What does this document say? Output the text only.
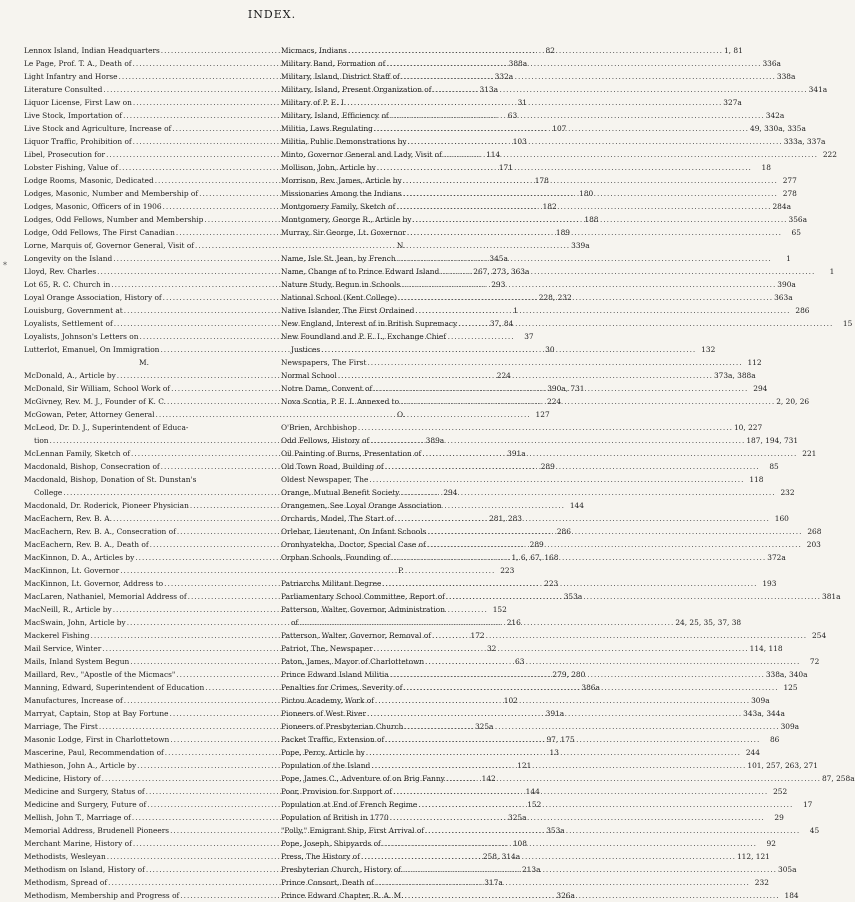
INDEX.
*
Lennox Island, Indian Headquarters .....	82
Le Page, Prof. T. A., Death of .....	388a
Light Infantry and Horse .....	332a
Literature Consulted .....	313a
Liquor License, First Law on .....	31
Live Stock, Importation of .....	63
Live Stock and Agriculture, Increase of .....	107
Liquor Traffic, Prohibition of .....	103
Libel, Prosecution for .....	114
Lobster Fishing, Value of .....	171
Lodge Rooms, Masonic, Dedicated .....	178
Lodges, Masonic, Number and Membership of .....	180
Lodges, Masonic, Officers of in 1906 .....	182
Lodges, Odd Fellows, Number and Membership .....	188
Lodge, Odd Fellows, The First Canadian .....	189
Lorne, Marquis of, Governor General, Visit of .....	339a
Longevity on the Island .....	345a
Lloyd, Rev. Charles .....	267, 273, 363a
Lot 65, R. C. Church in .....	293
Loyal Orange Association, History of .....	228, 232
Louisburg, Government at .....	1
Loyalists, Settlement of .....	37, 84
Loyalists, Johnson's Letters on .....	37
Lutterlot, Emanuel, On Immigration .....	30
M.
McDonald, A., Article by .....	224
McDonald, Sir William, School Work of .....	390a, 731
McGivney, Rev. M. J., Founder of K. C. .....	224
McGowan, Peter, Attorney General .....	127
McLeod, Dr. D. J., Superintendent of Educa-
tion .....	389a
McLennan Family, Sketch of .....	391a
Macdonald, Bishop, Consecration of .....	289
Macdonald, Bishop, Donation of St. Dunstan's
College .....	294
Macdonald, Dr. Roderick, Pioneer Physician .....	144
MacEachern, Rev. B. A. .....	281, 283
MacEachern, Rev. B. A., Consecration of .....	286
MacEachern, Rev. B. A., Death of .....	289
MacKinnon, D. A., Articles by .....	1, 6, 67, 168
MacKinnon, Lt. Governor .....	223
MacKinnon, Lt. Governor, Address to .....	223
MacLaren, Nathaniel, Memorial Address of .....	353a
MacNeill, R., Article by .....	152
MacSwain, John, Article by .....	216
Mackerel Fishing .....	172
Mail Service, Winter .....	32
Mails, Inland System Begun .....	63
Maillard, Rev., "Apostle of the Micmacs" .....	279, 280
Manning, Edward, Superintendent of Education .....	386a
Manufactures, Increase of .....	102
Marryat, Captain, Stop at Bay Fortune .....	391a
Marriage, The First .....	325a
Masonic Lodge, First in Charlottetown .....	97, 175
Mascerine, Paul, Recommendation of .....	13
Mathieson, John A., Article by .....	121
Medicine, History of .....	142
Medicine and Surgery, Status of .....	144
Medicine and Surgery, Future of .....	152
Mellish, John T., Marriage of .....	325a
Memorial Address, Brudenell Pioneers .....	353a
Merchant Marine, History of .....	108
Methodists, Wesleyan .....	258, 314a
Methodism on Island, History of .....	213a
Methodism, Spread of .....	317a
Methodism, Membership and Progress of .....	326a
Micmacs, Indians .....	1, 81
Military Band, Formation of .....	336a
Military, Island, District Staff of .....	338a
Military, Island, Present Organization of .....	341a
Military of P. E. I. .....	327a
Military, Island, Efficiency of .....	342a
Militia, Laws Regulating .....	49, 330a, 335a
Militia, Public Demonstrations by .....	333a, 337a
Minto, Governor General and Lady, Visit of .....	222
Mollison, John, Article by .....	18
Morrison, Rev. James, Article by .....	277
Missionaries Among the Indians .....	278
Montgomery Family, Sketch of .....	284a
Montgomery, George R., Article by .....	356a
Murray, Sir George, Lt. Governor .....	65
N.
Name, Isle St. Jean, by French .....	1
Name, Change of to Prince Edward Island .....	1
Nature Study, Begun in Schools .....	390a
National School (Kent College) .....	363a
Native Islander, The First Ordained .....	286
New England, Interest of in British Supremacy .....	15
New Foundland and P. E. I., Exchange Chief
Justices .....	132
Newspapers, The First .....	112
Normal School .....	373a, 388a
Notre Dame, Convent of .....	294
Nova Scotia, P. E. I. Annexed to .....	2, 20, 26
O.
O'Brien, Archbishop .....	10, 227
Odd Fellows, History of .....	187, 194, 731
Oil Painting of Burns, Presentation of .....	221
Old Town Road, Building of .....	85
Oldest Newspaper, The .....	118
Orange, Mutual Benefit Society .....	232
Orangemen, See Loyal Orange Association
Orchards, Model, The Start of .....	160
Orlebar, Lieutenant, On Infant Schools .....	268
Oronhyatekha, Doctor, Special Case of .....	203
Orphan Schools, Founding of .....	372a
P.
Patriarchs Militant Degree .....	193
Parliamentary School Committee, Report of .....	381a
Patterson, Walter, Governor, Administration
of .....	24, 25, 35, 37, 38
Patterson, Walter, Governor, Removal of .....	254
Patriot, The, Newspaper .....	114, 118
Paton, James, Mayor of Charlottetown .....	72
Prince Edward Island Militia .....	338a, 340a
Penalties for Crimes, Severity of .....	125
Pictou Academy, Work of .....	309a
Pioneers of West River .....	343a, 344a
Pioneers of Presbyterian Church .....	309a
Packet Traffic, Extension of .....	86
Pope, Percy, Article by .....	244
Population of the Island .....	101, 257, 263, 271
Pope, James C., Adventure of on Brig Fanny .....	87, 258a
Poor, Provision for Support of .....	252
Population at End of French Regime .....	17
Population of British in 1770 .....	29
"Polly," Emigrant Ship, First Arrival of .....	45
Pope, Joseph, Shipyards of .....	92
Press, The History of .....	112, 121
Presbyterian Church, History of .....	305a
Prince Consort, Death of .....	232
Prince Edward Chapter, R. A. M. .....	184
